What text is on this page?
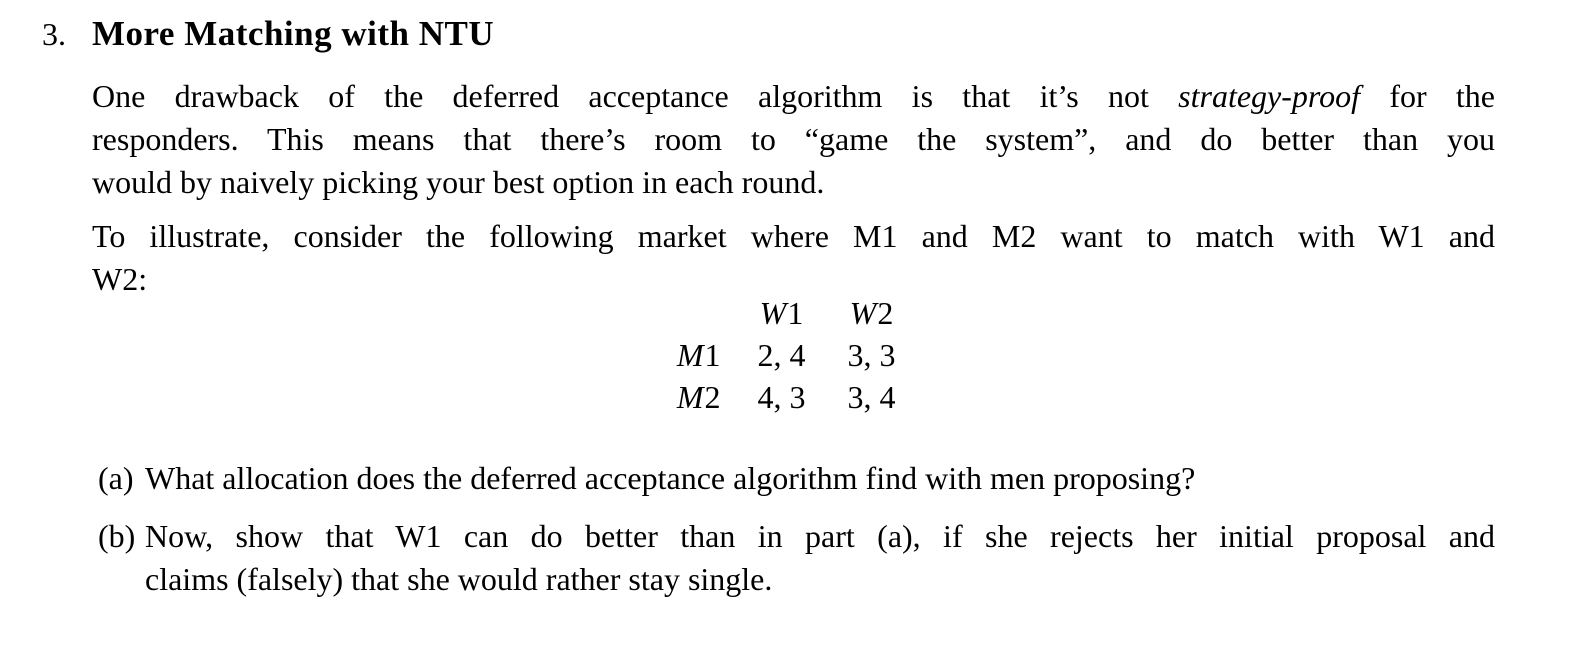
3. More Matching with NTU
One drawback of the deferred acceptance algorithm is that it’s not strategy-proof for the
responders. This means that there’s room to “game the system”, and do better than you
would by naively picking your best option in each round.
To illustrate, consider the following market where M1 and M2 want to match with W1 and
W2:
	W1	W2
M1	2, 4	3, 3
M2	4, 3	3, 4
(a) What allocation does the deferred acceptance algorithm find with men proposing?
(b) Now, show that W1 can do better than in part (a), if she rejects her initial proposal and
claims (falsely) that she would rather stay single.
